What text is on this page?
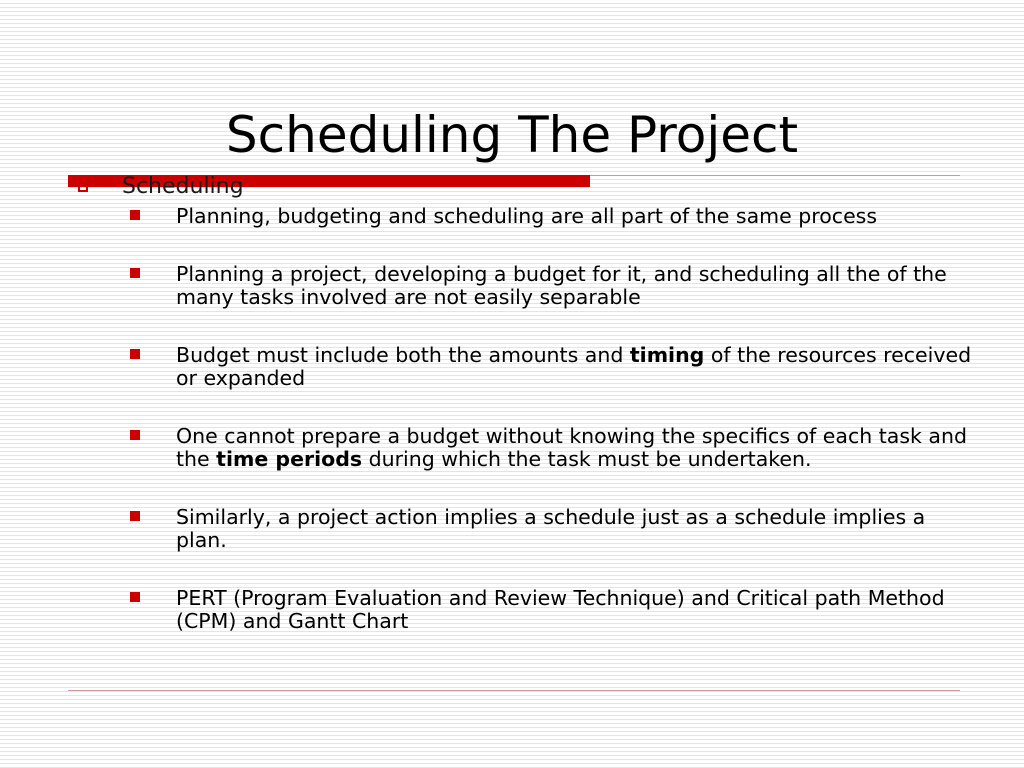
Scheduling The Project
Scheduling
Planning, budgeting and scheduling are all part of the same process
Planning a project, developing a budget for it, and scheduling all the of the many tasks involved are not easily separable
Budget must include both the amounts and timing of the resources received or expanded
One cannot prepare a budget without knowing the specifics of each task and the time periods during which the task must be undertaken.
Similarly, a project action implies a schedule just as a schedule implies a plan.
PERT (Program Evaluation and Review Technique) and Critical path Method (CPM) and Gantt Chart
